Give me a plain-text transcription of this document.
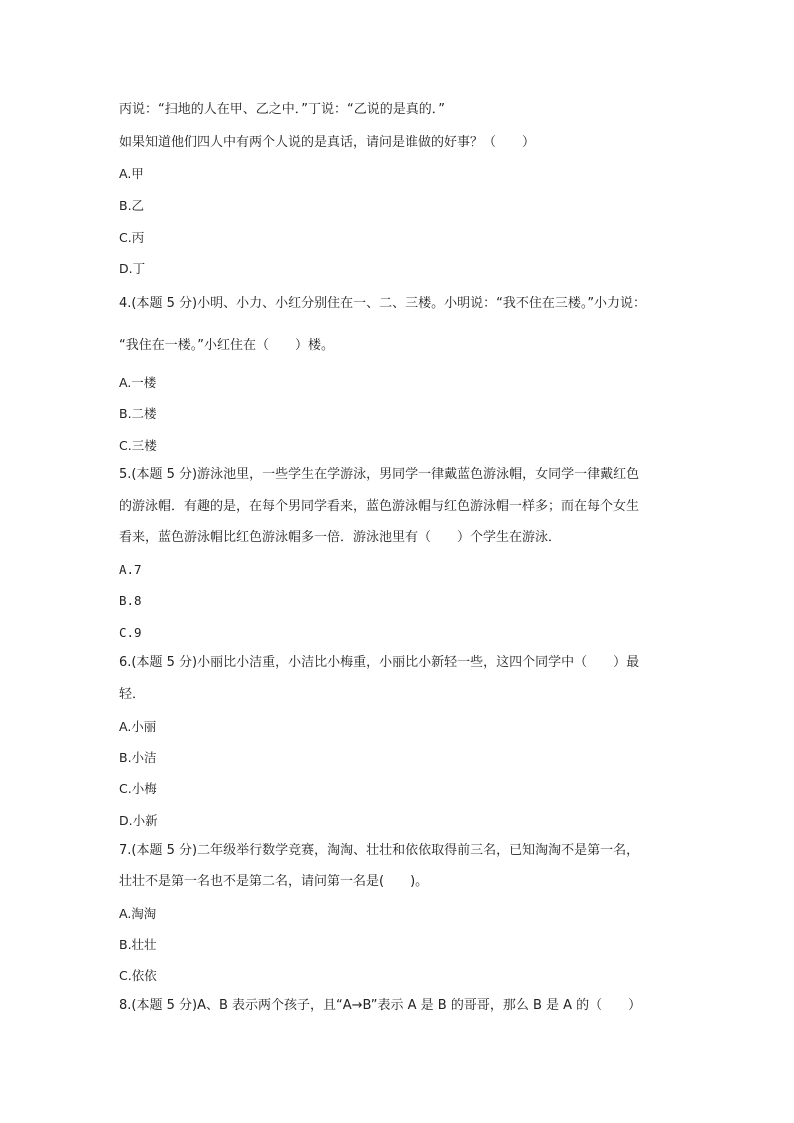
丙说：“扫地的人在甲、乙之中．”丁说：“乙说的是真的．”

如果知道他们四人中有两个人说的是真话，请问是谁做的好事？（　　）

A.甲

B.乙

C.丙

D.丁

4.(本题 5 分)小明、小力、小红分别住在一、二、三楼。小明说：“我不住在三楼。”小力说：

“我住在一楼。”小红住在（　　）楼。

A.一楼

B.二楼

C.三楼

5.(本题 5 分)游泳池里，一些学生在学游泳，男同学一律戴蓝色游泳帽，女同学一律戴红色

的游泳帽．有趣的是，在每个男同学看来，蓝色游泳帽与红色游泳帽一样多；而在每个女生

看来，蓝色游泳帽比红色游泳帽多一倍．游泳池里有（　　）个学生在游泳．

A.7

B.8

C.9

6.(本题 5 分)小丽比小洁重，小洁比小梅重，小丽比小新轻一些，这四个同学中（　　）最

轻．

A.小丽

B.小洁

C.小梅

D.小新

7.(本题 5 分)二年级举行数学竞赛，淘淘、壮壮和依依取得前三名，已知淘淘不是第一名，

壮壮不是第一名也不是第二名，请问第一名是(　　)。

A.淘淘

B.壮壮

C.依依

8.(本题 5 分)A、B 表示两个孩子，且“A→B”表示 A 是 B 的哥哥，那么 B 是 A 的（　　）
